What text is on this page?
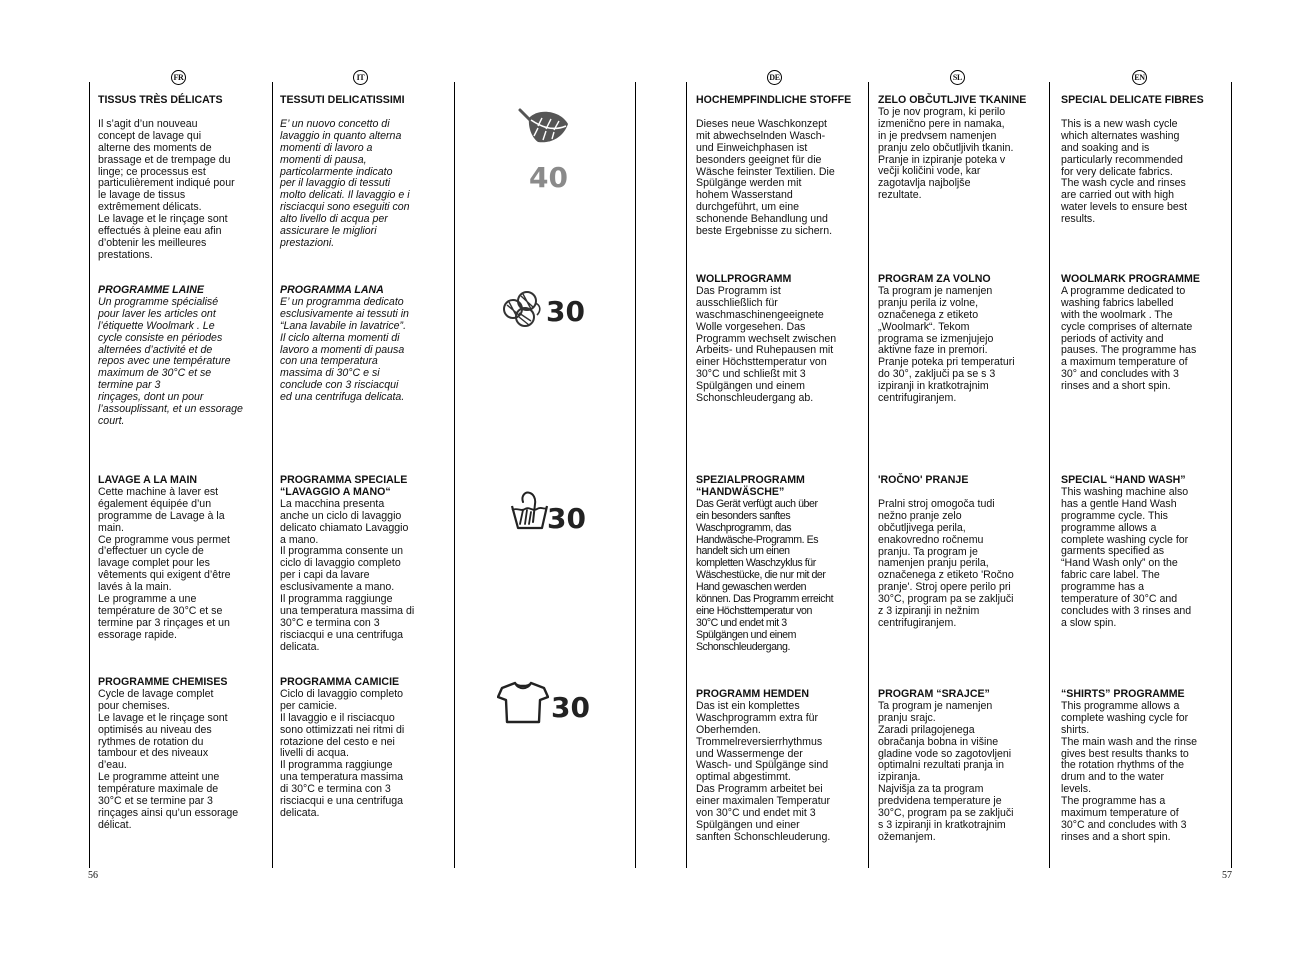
FR	IT	DE	SL	EN

TISSUS TRÈS DÉLICATS

Il s’agit d’un nouveau
concept de lavage qui
alterne des moments de
brassage et de trempage du
linge; ce processus est
particulièrement indiqué pour
le lavage de tissus
extrêmement délicats.
Le lavage et le rinçage sont
effectués à pleine eau afin
d’obtenir les meilleures
prestations.

PROGRAMME LAINE

Un programme spécialisé
pour laver les articles ont
l’étiquette Woolmark . Le
cycle consiste en périodes
alternées d’activité et de
repos avec une température
maximum de 30°C et se
termine par 3
rinçages, dont un pour
l’assouplissant, et un essorage
court.

LAVAGE A LA MAIN

Cette machine à laver est
également équipée d’un
programme de Lavage à la
main.
Ce programme vous permet
d’effectuer un cycle de
lavage complet pour les
vêtements qui exigent d’être
lavés à la main.
Le programme a une
température de 30°C et se
termine par 3 rinçages et un
essorage rapide.

PROGRAMME CHEMISES

Cycle de lavage complet
pour chemises.
Le lavage et le rinçage sont
optimisés au niveau des
rythmes de rotation du
tambour et des niveaux
d’eau.
Le programme atteint une
température maximale de
30°C et se termine par 3
rinçages ainsi qu’un essorage
délicat.

TESSUTI DELICATISSIMI

E’ un nuovo concetto di
lavaggio in quanto alterna
momenti di lavoro a
momenti di pausa,
particolarmente indicato
per il lavaggio di tessuti
molto delicati. Il lavaggio e i
risciacqui sono eseguiti con
alto livello di acqua per
assicurare le migliori
prestazioni.

PROGRAMMA LANA

E’ un programma dedicato
esclusivamente ai tessuti in
“Lana lavabile in lavatrice”.
Il ciclo alterna momenti di
lavoro a momenti di pausa
con una temperatura
massima di 30°C e si
conclude con 3 risciacqui
ed una centrifuga delicata.

PROGRAMMA SPECIALE
“LAVAGGIO A MANO“

La macchina presenta
anche un ciclo di lavaggio
delicato chiamato Lavaggio
a mano.
Il programma consente un
ciclo di lavaggio completo
per i capi da lavare
esclusivamente a mano.
Il programma raggiunge
una temperatura massima di
30°C e termina con 3
risciacqui e una centrifuga
delicata.

PROGRAMMA CAMICIE

Ciclo di lavaggio completo
per camicie.
Il lavaggio e il risciacquo
sono ottimizzati nei ritmi di
rotazione del cesto e nei
livelli di acqua.
Il programma raggiunge
una temperatura massima
di 30°C e termina con 3
risciacqui e una centrifuga
delicata.

40
30
30
30

HOCHEMPFINDLICHE STOFFE

Dieses neue Waschkonzept
mit abwechselnden Wasch-
und Einweichphasen ist
besonders geeignet für die
Wäsche feinster Textilien. Die
Spülgänge werden mit
hohem Wasserstand
durchgeführt, um eine
schonende Behandlung und
beste Ergebnisse zu sichern.

WOLLPROGRAMM

Das Programm ist
ausschließlich für
waschmaschinengeeignete
Wolle vorgesehen. Das
Programm wechselt zwischen
Arbeits- und Ruhepausen mit
einer Höchsttemperatur von
30°C und schließt mit 3
Spülgängen und einem
Schonschleudergang ab.

SPEZIALPROGRAMM
“HANDWÄSCHE”

Das Gerät verfügt auch über
ein besonders sanftes
Waschprogramm, das
Handwäsche-Programm. Es
handelt sich um einen
kompletten Waschzyklus für
Wäschestücke, die nur mit der
Hand gewaschen werden
können. Das Programm erreicht
eine Höchsttemperatur von
30°C und endet mit 3
Spülgängen und einem
Schonschleudergang.

PROGRAMM HEMDEN

Das ist ein komplettes
Waschprogramm extra für
Oberhemden.
Trommelreversierrhythmus
und Wassermenge der
Wasch- und Spülgänge sind
optimal abgestimmt.
Das Programm arbeitet bei
einer maximalen Temperatur
von 30°C und endet mit 3
Spülgängen und einer
sanften Schonschleuderung.

ZELO OBČUTLJIVE TKANINE

To je nov program, ki perilo
izmenično pere in namaka,
in je predvsem namenjen
pranju zelo občutljivih tkanin.
Pranje in izpiranje poteka v
večji količini vode, kar
zagotavlja najboljše
rezultate.

PROGRAM ZA VOLNO

Ta program je namenjen
pranju perila iz volne,
označenega z etiketo
„Woolmark“. Tekom
programa se izmenjujejo
aktivne faze in premori.
Pranje poteka pri temperaturi
do 30°, zaključi pa se s 3
izpiranji in kratkotrajnim
centrifugiranjem.

'ROČNO' PRANJE

Pralni stroj omogoča tudi
nežno pranje zelo
občutljivega perila,
enakovredno ročnemu
pranju. Ta program je
namenjen pranju perila,
označenega z etiketo 'Ročno
pranje'. Stroj opere perilo pri
30°C, program pa se zaključi
z 3 izpiranji in nežnim
centrifugiranjem.

PROGRAM “SRAJCE”

Ta program je namenjen
pranju srajc.
Zaradi prilagojenega
obračanja bobna in višine
gladine vode so zagotovljeni
optimalni rezultati pranja in
izpiranja.
Najvišja za ta program
predvidena temperature je
30°C, program pa se zaključi
s 3 izpiranji in kratkotrajnim
ožemanjem.

SPECIAL DELICATE FIBRES

This is a new wash cycle
which alternates washing
and soaking and is
particularly recommended
for very delicate fabrics.
The wash cycle and rinses
are carried out with high
water levels to ensure best
results.

WOOLMARK PROGRAMME

A programme dedicated to
washing fabrics labelled
with the woolmark . The
cycle comprises of alternate
periods of activity and
pauses. The programme has
a maximum temperature of
30° and concludes with 3
rinses and a short spin.

SPECIAL “HAND WASH”

This washing machine also
has a gentle Hand Wash
programme cycle. This
programme allows a
complete washing cycle for
garments specified as
“Hand Wash only” on the
fabric care label. The
programme has a
temperature of 30°C and
concludes with 3 rinses and
a slow spin.

“SHIRTS” PROGRAMME

This programme allows a
complete washing cycle for
shirts.
The main wash and the rinse
gives best results thanks to
the rotation rhythms of the
drum and to the water
levels.
The programme has a
maximum temperature of
30°C and concludes with 3
rinses and a short spin.

56	57
